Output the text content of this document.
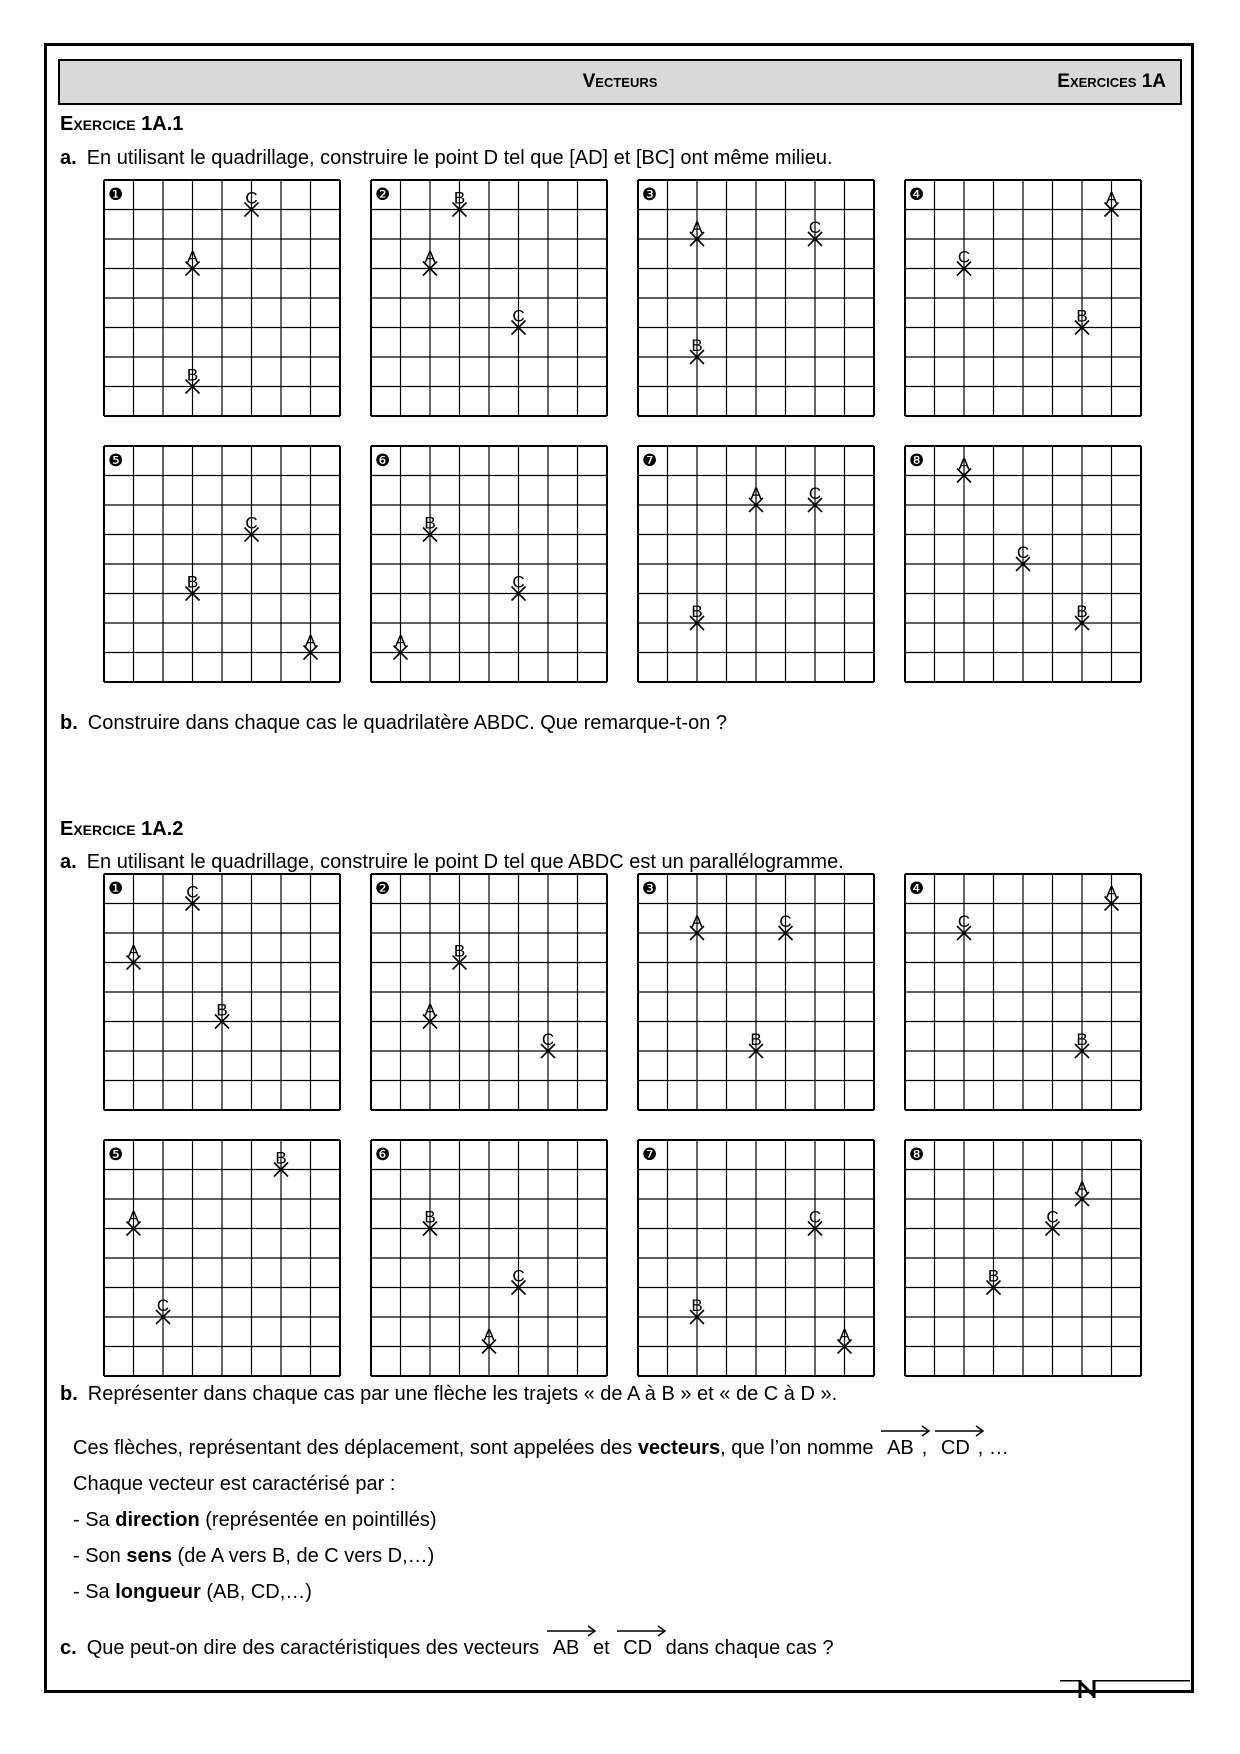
Vecteurs	Exercices 1A
Exercice 1A.1
a. En utilisant le quadrillage, construire le point D tel que [AD] et [BC] ont même milieu.
❶	C
A
B
❷	B
A
C
❸
A	C
B
❹	A
C
B
❺
C
B
A
❻
B
C
A
❼
A	C
B
❽ A
C
B
b. Construire dans chaque cas le quadrilatère ABDC. Que remarque-t-on ?
Exercice 1A.2
a. En utilisant le quadrillage, construire le point D tel que ABDC est un parallélogramme.
❶	C
A
B
❷
B
A
C
❸
A	C
B
❹	A
C
B
❺	B
A
C
❻
B
C
A
❼
C
B
A
❽
A
C
B
b. Représenter dans chaque cas par une flèche les trajets « de A à B » et « de C à D ».
Ces flèches, représentant des déplacement, sont appelées des vecteurs, que l’on nomme AB , CD , …
Chaque vecteur est caractérisé par :
- Sa direction (représentée en pointillés)
- Son sens (de A vers B, de C vers D,…)
- Sa longueur (AB, CD,…)
c. Que peut-on dire des caractéristiques des vecteurs AB et CD dans chaque cas ?
